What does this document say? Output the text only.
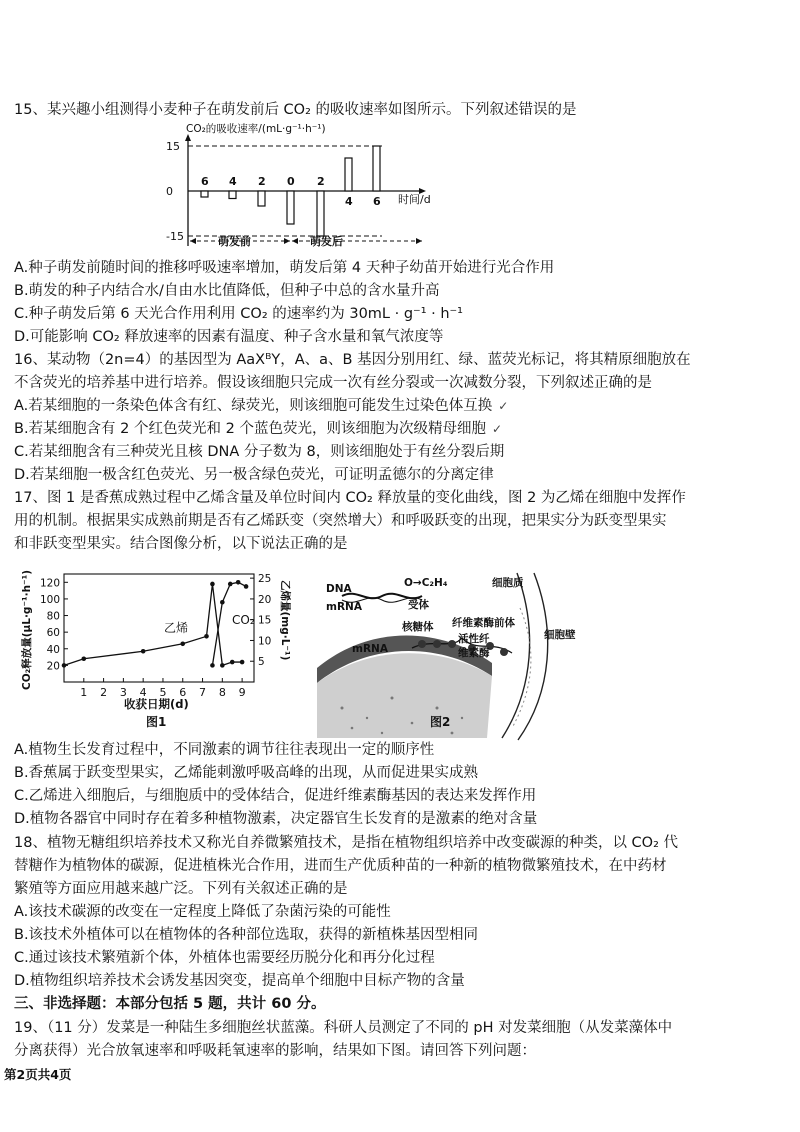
15、某兴趣小组测得小麦种子在萌发前后 CO₂ 的吸收速率如图所示。下列叙述错误的是
CO₂的吸收速率/(mL·g⁻¹·h⁻¹)
时间/d
15
0
-15
6 4 2 0 2
4 6
萌发前	萌发后
A.种子萌发前随时间的推移呼吸速率增加，萌发后第 4 天种子幼苗开始进行光合作用
B.萌发的种子内结合水/自由水比值降低，但种子中总的含水量升高
C.种子萌发后第 6 天光合作用利用 CO₂ 的速率约为 30mL · g⁻¹ · h⁻¹
D.可能影响 CO₂ 释放速率的因素有温度、种子含水量和氧气浓度等
16、某动物（2n=4）的基因型为 AaXᴮY，A、a、B 基因分别用红、绿、蓝荧光标记，将其精原细胞放在
不含荧光的培养基中进行培养。假设该细胞只完成一次有丝分裂或一次减数分裂，下列叙述正确的是
A.若某细胞的一条染色体含有红、绿荧光，则该细胞可能发生过染色体互换 ✓
B.若某细胞含有 2 个红色荧光和 2 个蓝色荧光，则该细胞为次级精母细胞 ✓
C.若某细胞含有三种荧光且核 DNA 分子数为 8，则该细胞处于有丝分裂后期
D.若某细胞一极含红色荧光、另一极含绿色荧光，可证明孟德尔的分离定律
17、图 1 是香蕉成熟过程中乙烯含量及单位时间内 CO₂ 释放量的变化曲线，图 2 为乙烯在细胞中发挥作
用的机制。根据果实成熟前期是否有乙烯跃变（突然增大）和呼吸跃变的出现，把果实分为跃变型果实
和非跃变型果实。结合图像分析，以下说法正确的是
CO₂释放量(μL·g⁻¹·h⁻¹)	乙烯量(mg·L⁻¹)
20
40
60
80
100
120
5
10
15
20
25
1 2 3 4 5 6 7 8 9
收获日期(d)
乙烯
CO₂
图1
DNA	O→C₂H₄	细胞质
受体
mRNA
核糖体 纤维素酶前体
mRNA
活性纤
维素酶
细胞壁
图2
A.植物生长发育过程中，不同激素的调节往往表现出一定的顺序性
B.香蕉属于跃变型果实，乙烯能刺激呼吸高峰的出现，从而促进果实成熟
C.乙烯进入细胞后，与细胞质中的受体结合，促进纤维素酶基因的表达来发挥作用
D.植物各器官中同时存在着多种植物激素，决定器官生长发育的是激素的绝对含量
18、植物无糖组织培养技术又称光自养微繁殖技术，是指在植物组织培养中改变碳源的种类，以 CO₂ 代
替糖作为植物体的碳源，促进植株光合作用，进而生产优质种苗的一种新的植物微繁殖技术，在中药材
繁殖等方面应用越来越广泛。下列有关叙述正确的是
A.该技术碳源的改变在一定程度上降低了杂菌污染的可能性
B.该技术外植体可以在植物体的各种部位选取，获得的新植株基因型相同
C.通过该技术繁殖新个体，外植体也需要经历脱分化和再分化过程
D.植物组织培养技术会诱发基因突变，提高单个细胞中目标产物的含量
三、非选择题：本部分包括 5 题，共计 60 分。
19、（11 分）发菜是一种陆生多细胞丝状蓝藻。科研人员测定了不同的 pH 对发菜细胞（从发菜藻体中
分离获得）光合放氧速率和呼吸耗氧速率的影响，结果如下图。请回答下列问题：
第2页共4页
